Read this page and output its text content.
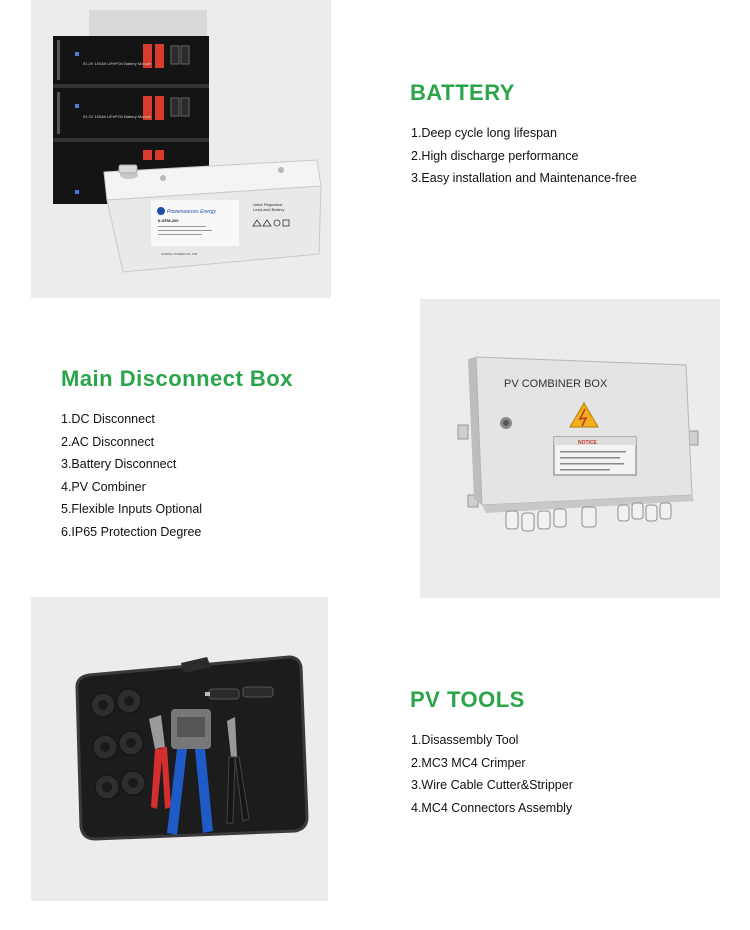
51.2V 100Ah LiFePO4 Battery Module
51.2V 100Ah LiFePO4 Battery Module
Powersources Energy
6-GFM-200
SUNPAL POWER CO.,LTD
Valve Regulated
Lead-acid Battery
BATTERY
1.Deep cycle long lifespan
2.High discharge performance
3.Easy installation and Maintenance-free
Main Disconnect Box
1.DC Disconnect
2.AC Disconnect
3.Battery Disconnect
4.PV Combiner
5.Flexible Inputs Optional
6.IP65 Protection Degree
PV COMBINER BOX
NOTICE
PV TOOLS
1.Disassembly Tool
2.MC3 MC4 Crimper
3.Wire Cable Cutter&Stripper
4.MC4 Connectors Assembly
